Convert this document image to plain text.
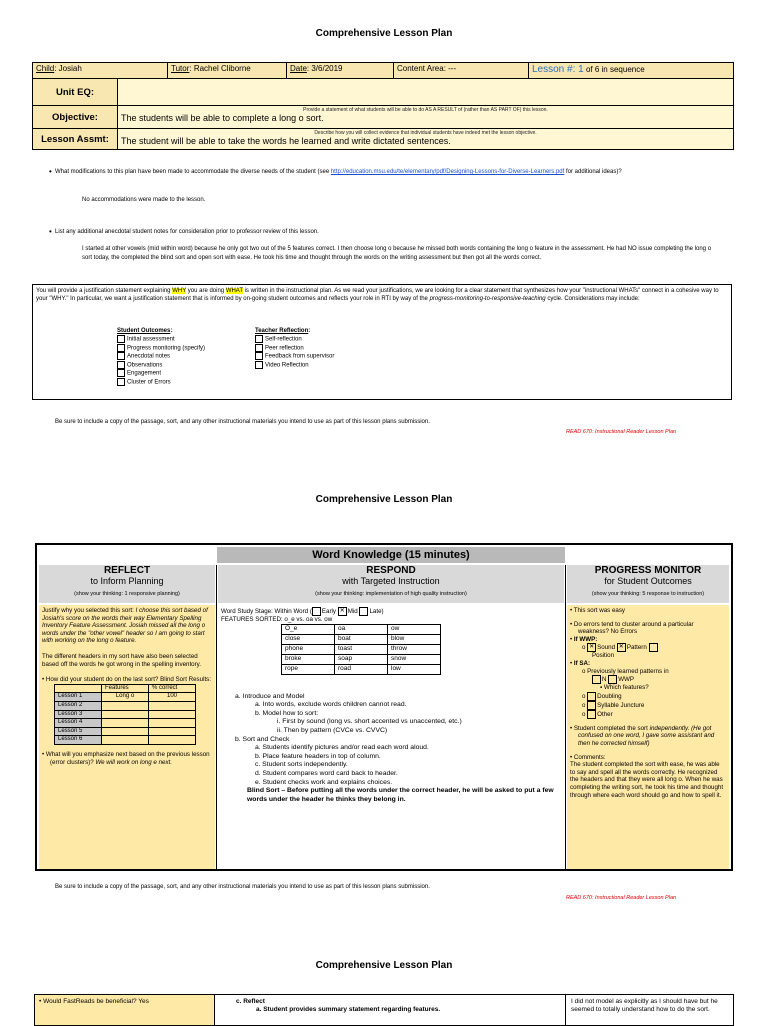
Comprehensive Lesson Plan
Child: Josiah	Tutor: Rachel Cliborne	Date: 3/6/2019	Content Area: ---	Lesson #: 1 of 6 in sequence
Unit EQ:	
Objective:	Provide a statement of what students will be able to do AS A RESULT of (rather than AS PART OF) this lesson.
The students will be able to complete a long o sort.

Lesson Assmt:	Describe how you will collect evidence that individual students have indeed met the lesson objective.
The student will be able to take the words he learned and write dictated sentences.
• What modifications to this plan have been made to accommodate the diverse needs of the student (see http://education.msu.edu/te/elementary/pdf/Designing-Lessons-for-Diverse-Learners.pdf for additional ideas)?
No accommodations were made to the lesson.
• List any additional anecdotal student notes for consideration prior to professor review of this lesson.
I started at other vowels (mid within word) because he only got two out of the 5 features correct. I then choose long o because he missed both words containing the long o feature in the assessment. He had NO issue completing the long o sort today, the completed the blind sort and open sort with ease. He took his time and thought through the words on the writing assessment but then got all the words correct.
You will provide a justification statement explaining WHY you are doing WHAT is written in the instructional plan. As we read your justifications, we are looking for a clear statement that synthesizes how your "instructional WHATs" connect in a cohesive way to your "WHY." In particular, we want a justification statement that is informed by on-going student outcomes and reflects your role in RTI by way of the progress-monitoring-to-responsive-teaching cycle. Considerations may include:
Student Outcomes:
Initial assessment
Progress monitoring (specify)
Anecdotal notes
Observations
Engagement
Cluster of Errors
Teacher Reflection:
Self-reflection
Peer reflection
Feedback from supervisor
Video Reflection
Be sure to include a copy of the passage, sort, and any other instructional materials you intend to use as part of this lesson plans submission.
READ 670: Instructional Reader Lesson Plan
Comprehensive Lesson Plan
Word Knowledge (15 minutes)
REFLECT
to Inform Planning
(show your thinking: 1 responsive planning)
RESPOND
with Targeted Instruction
(show your thinking: implementation of high quality instruction)
PROGRESS MONITOR
for Student Outcomes
(show your thinking: 5 response to instruction)
Justify why you selected this sort: I choose this sort based of Josiah's score on the words their way Elementary Spelling Inventory Feature Assessment. Josiah missed all the long o words under the "other vowel" header so I am going to start with working on the long o feature.
The different headers in my sort have also been selected based off the words he got wrong in the spelling inventory.
• How did your student do on the last sort? Blind Sort Results:
	Features	% correct
Lesson 1	Long o	100
Lesson 2		
Lesson 3		
Lesson 4		
Lesson 5		
Lesson 6		
• What will you emphasize next based on the previous lesson (error clusters)? We will work on long e next.
Word Study Stage: Within Word ( Early ✕ Mid Late)
FEATURES SORTED: o_e vs. oa vs. ow
O_e	oa	ow
close	boat	blow
phone	toast	throw
broke	soap	snow
rope	road	low
a. Introduce and Model
a. Into words, exclude words children cannot read.
b. Model how to sort:
i. First by sound (long vs. short accented vs unaccented, etc.)
ii. Then by pattern (CVCe vs. CVVC)
b. Sort and Check
a. Students identify pictures and/or read each word aloud.
b. Place feature headers in top of column.
c. Student sorts independently.
d. Student compares word card back to header.
e. Student checks work and explains choices.
Blind Sort – Before putting all the words under the correct header, he will be asked to put a few words under the header he thinks they belong in.
• This sort was easy
• Do errors tend to cluster around a particular weakness? No Errors
• If WWP:
o ✕ Sound ✕ Pattern
Position
• If SA:
o Previously learned patterns in
N WWP
▪ Which features?
o Doubling
o Syllable Juncture
o Other
• Student completed the sort independently. (He got confused on one word, I gave some assistant and then he corrected himself)
• Comments:
The student completed the sort with ease, he was able to say and spell all the words correctly. He recognized the headers and that they were all long o. When he was completing the writing sort, he took his time and thought through where each word should go and how to spell it.
Be sure to include a copy of the passage, sort, and any other instructional materials you intend to use as part of this lesson plans submission.
READ 670: Instructional Reader Lesson Plan
Comprehensive Lesson Plan
• Would FastReads be beneficial? Yes	c. Reflect
a. Student provides summary statement regarding features.
I did not model as explicitly as I should have but he seemed to totally understand how to do the sort.
